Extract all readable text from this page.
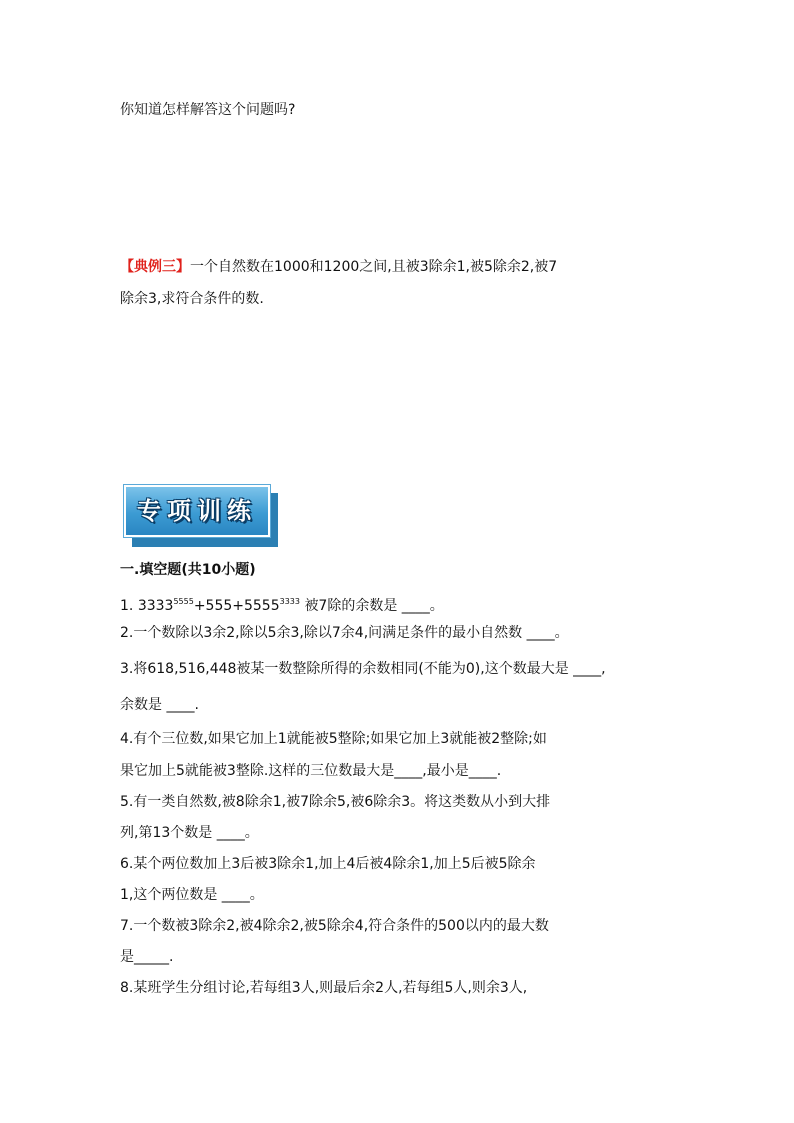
你知道怎样解答这个问题吗?
【典例三】一个自然数在1000和1200之间,且被3除余1,被5除余2,被7
除余3,求符合条件的数.
专项训练
一.填空题(共10小题)
1. $3333^{5555}+555+5555^{3333}$ 被7除的余数是 ____。
2.一个数除以3余2,除以5余3,除以7余4,问满足条件的最小自然数 ____。
3.将618,516,448被某一数整除所得的余数相同(不能为0),这个数最大是 ____,
余数是 ____.
4.有个三位数,如果它加上1就能被5整除;如果它加上3就能被2整除;如
果它加上5就能被3整除.这样的三位数最大是____,最小是____.
5.有一类自然数,被8除余1,被7除余5,被6除余3。将这类数从小到大排
列,第13个数是 ____。
6.某个两位数加上3后被3除余1,加上4后被4除余1,加上5后被5除余
1,这个两位数是 ____。
7.一个数被3除余2,被4除余2,被5除余4,符合条件的500以内的最大数
是_____.
8.某班学生分组讨论,若每组3人,则最后余2人,若每组5人,则余3人,
